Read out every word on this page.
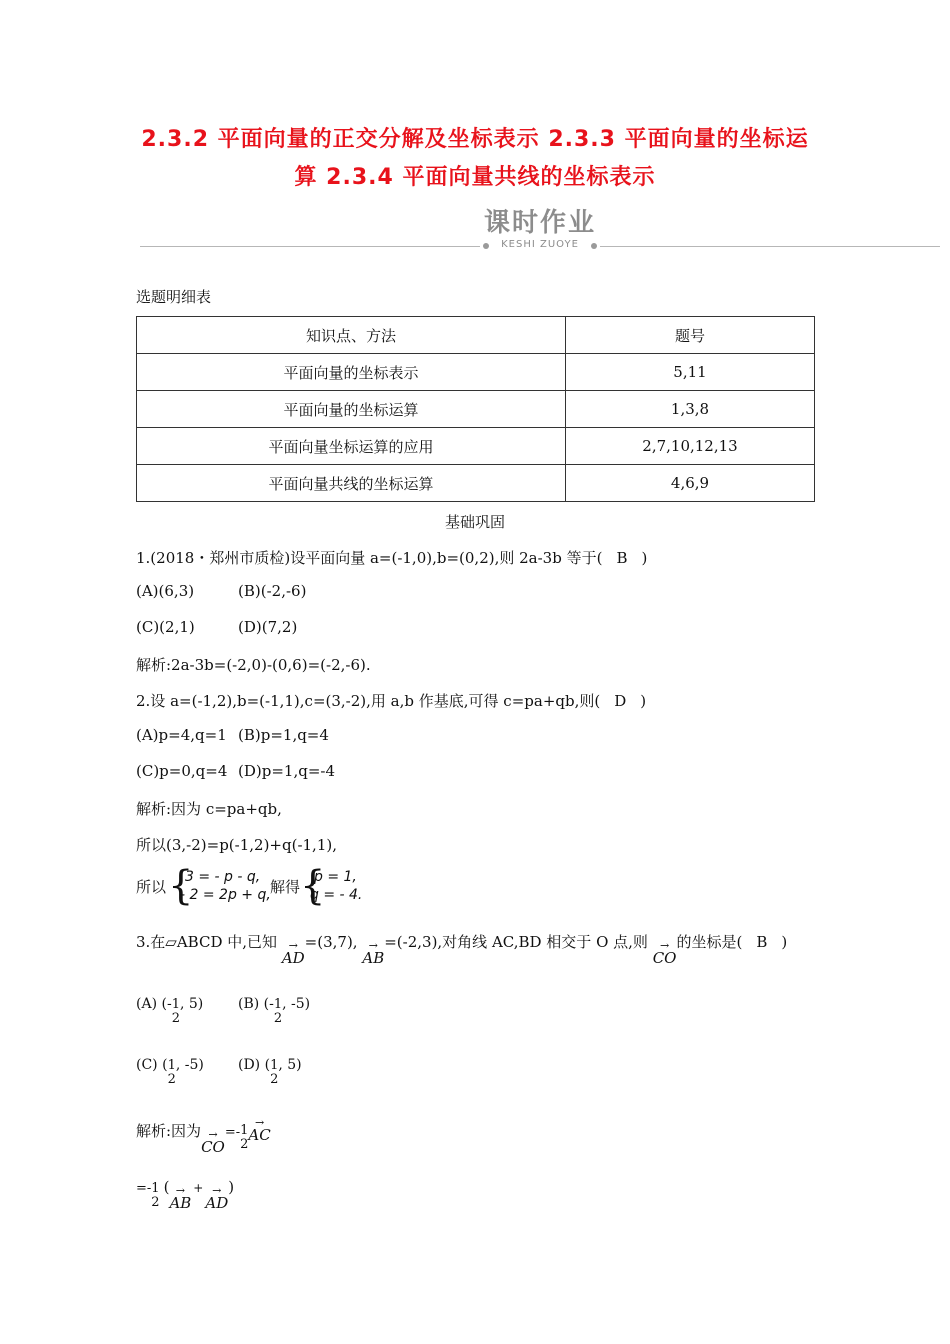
2.3.2 平面向量的正交分解及坐标表示 2.3.3 平面向量的坐标运
算 2.3.4 平面向量共线的坐标表示
课时作业
KESHI ZUOYE
选题明细表
知识点、方法	题号
平面向量的坐标表示	5,11
平面向量的坐标运算	1,3,8
平面向量坐标运算的应用	2,7,10,12,13
平面向量共线的坐标运算	4,6,9
基础巩固
1.(2018・郑州市质检)设平面向量 a=(-1,0),b=(0,2),则 2a-3b 等于( B )
(A)(6,3)	(B)(-2,-6)
(C)(2,1)	(D)(7,2)
解析:2a-3b=(-2,0)-(0,6)=(-2,-6).
2.设 a=(-1,2),b=(-1,1),c=(3,-2),用 a,b 作基底,可得 c=pa+qb,则( D )
(A)p=4,q=1 (B)p=1,q=4
(C)p=0,q=4 (D)p=1,q=-4
解析:因为 c=pa+qb,
所以(3,-2)=p(-1,2)+q(-1,1),
所以 {
3 = - p - q,
- 2 = 2p + q, 解得 {
p = 1,
q = - 4.
3.在▱ABCD 中,已知	→
AD
=(3,7),	→
AB
=(-2,3),对角线 AC,BD 相交于 O 点,则	→
CO
的坐标是( B )
(A) (- 1
2
, 5) (B) (- 1
2
, -5)
(C) ( 1
2
, -5) (D) ( 1
2
, 5)
解析:因为 →
CO
=- 1
2
→
AC
=- 1
2
( →
AB
+ →
AD
)
